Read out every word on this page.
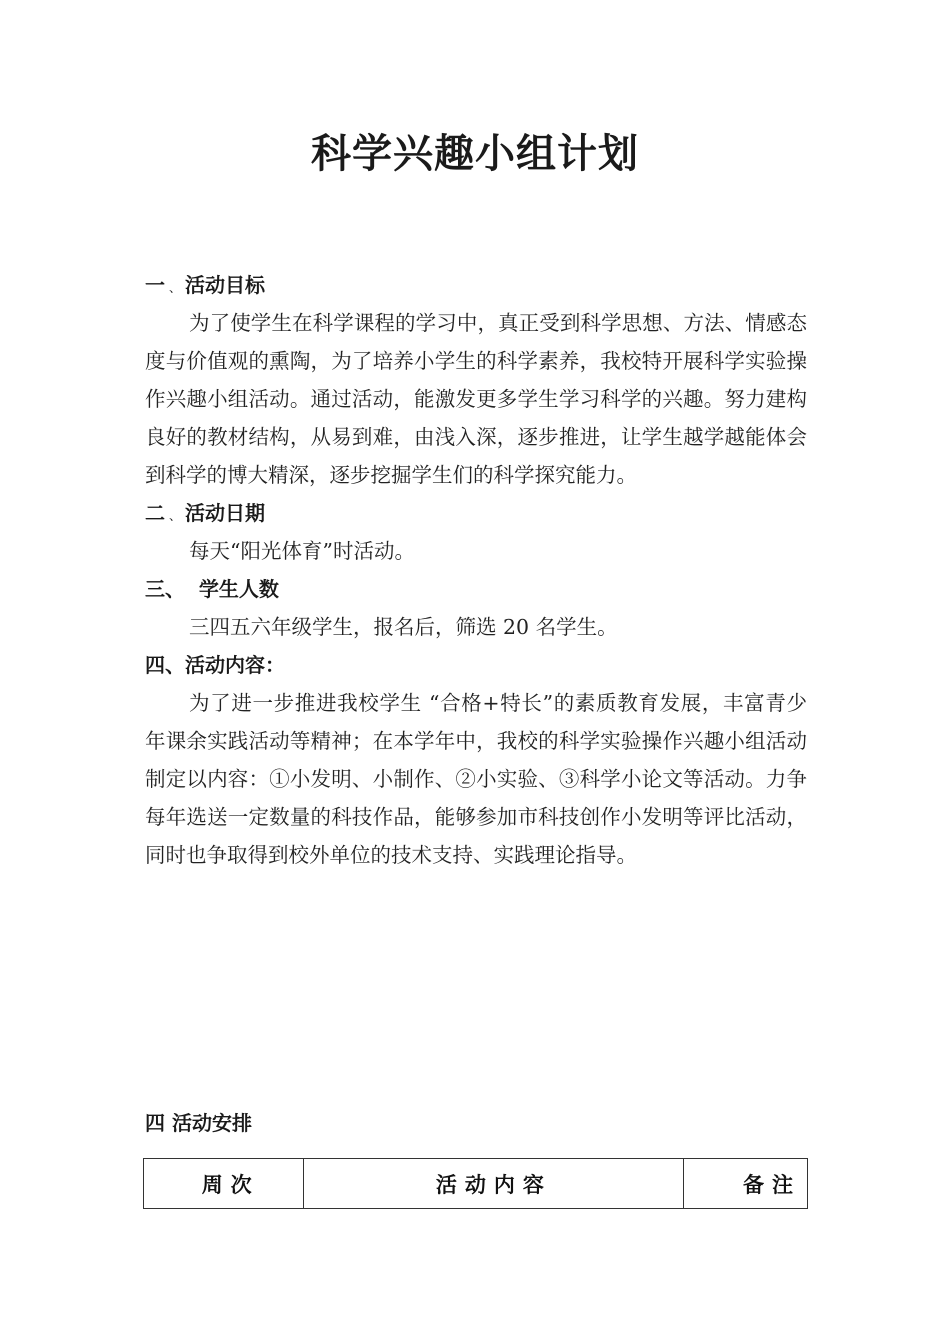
科学兴趣小组计划
一 、 活动目标

为了使学生在科学课程的学习中，真正受到科学思想、方法、情感态度与价值观的熏陶，为了培养小学生的科学素养，我校特开展科学实验操作兴趣小组活动。通过活动，能激发更多学生学习科学的兴趣。努力建构良好的教材结构，从易到难，由浅入深，逐步推进，让学生越学越能体会到科学的博大精深，逐步挖掘学生们的科学探究能力。

二 、 活动日期

每天“阳光体育”时活动。

三、  学生人数

三四五六年级学生，报名后，筛选 20 名学生。

四、活动内容：

为了进一步推进我校学生 “合格+特长”的素质教育发展，丰富青少年课余实践活动等精神；在本学年中，我校的科学实验操作兴趣小组活动制定以内容：①小发明、小制作、②小实验、③科学小论文等活动。力争每年选送一定数量的科技作品，能够参加市科技创作小发明等评比活动，同时也争取得到校外单位的技术支持、实践理论指导。

四 活动安排
周次	活动内容	备注
